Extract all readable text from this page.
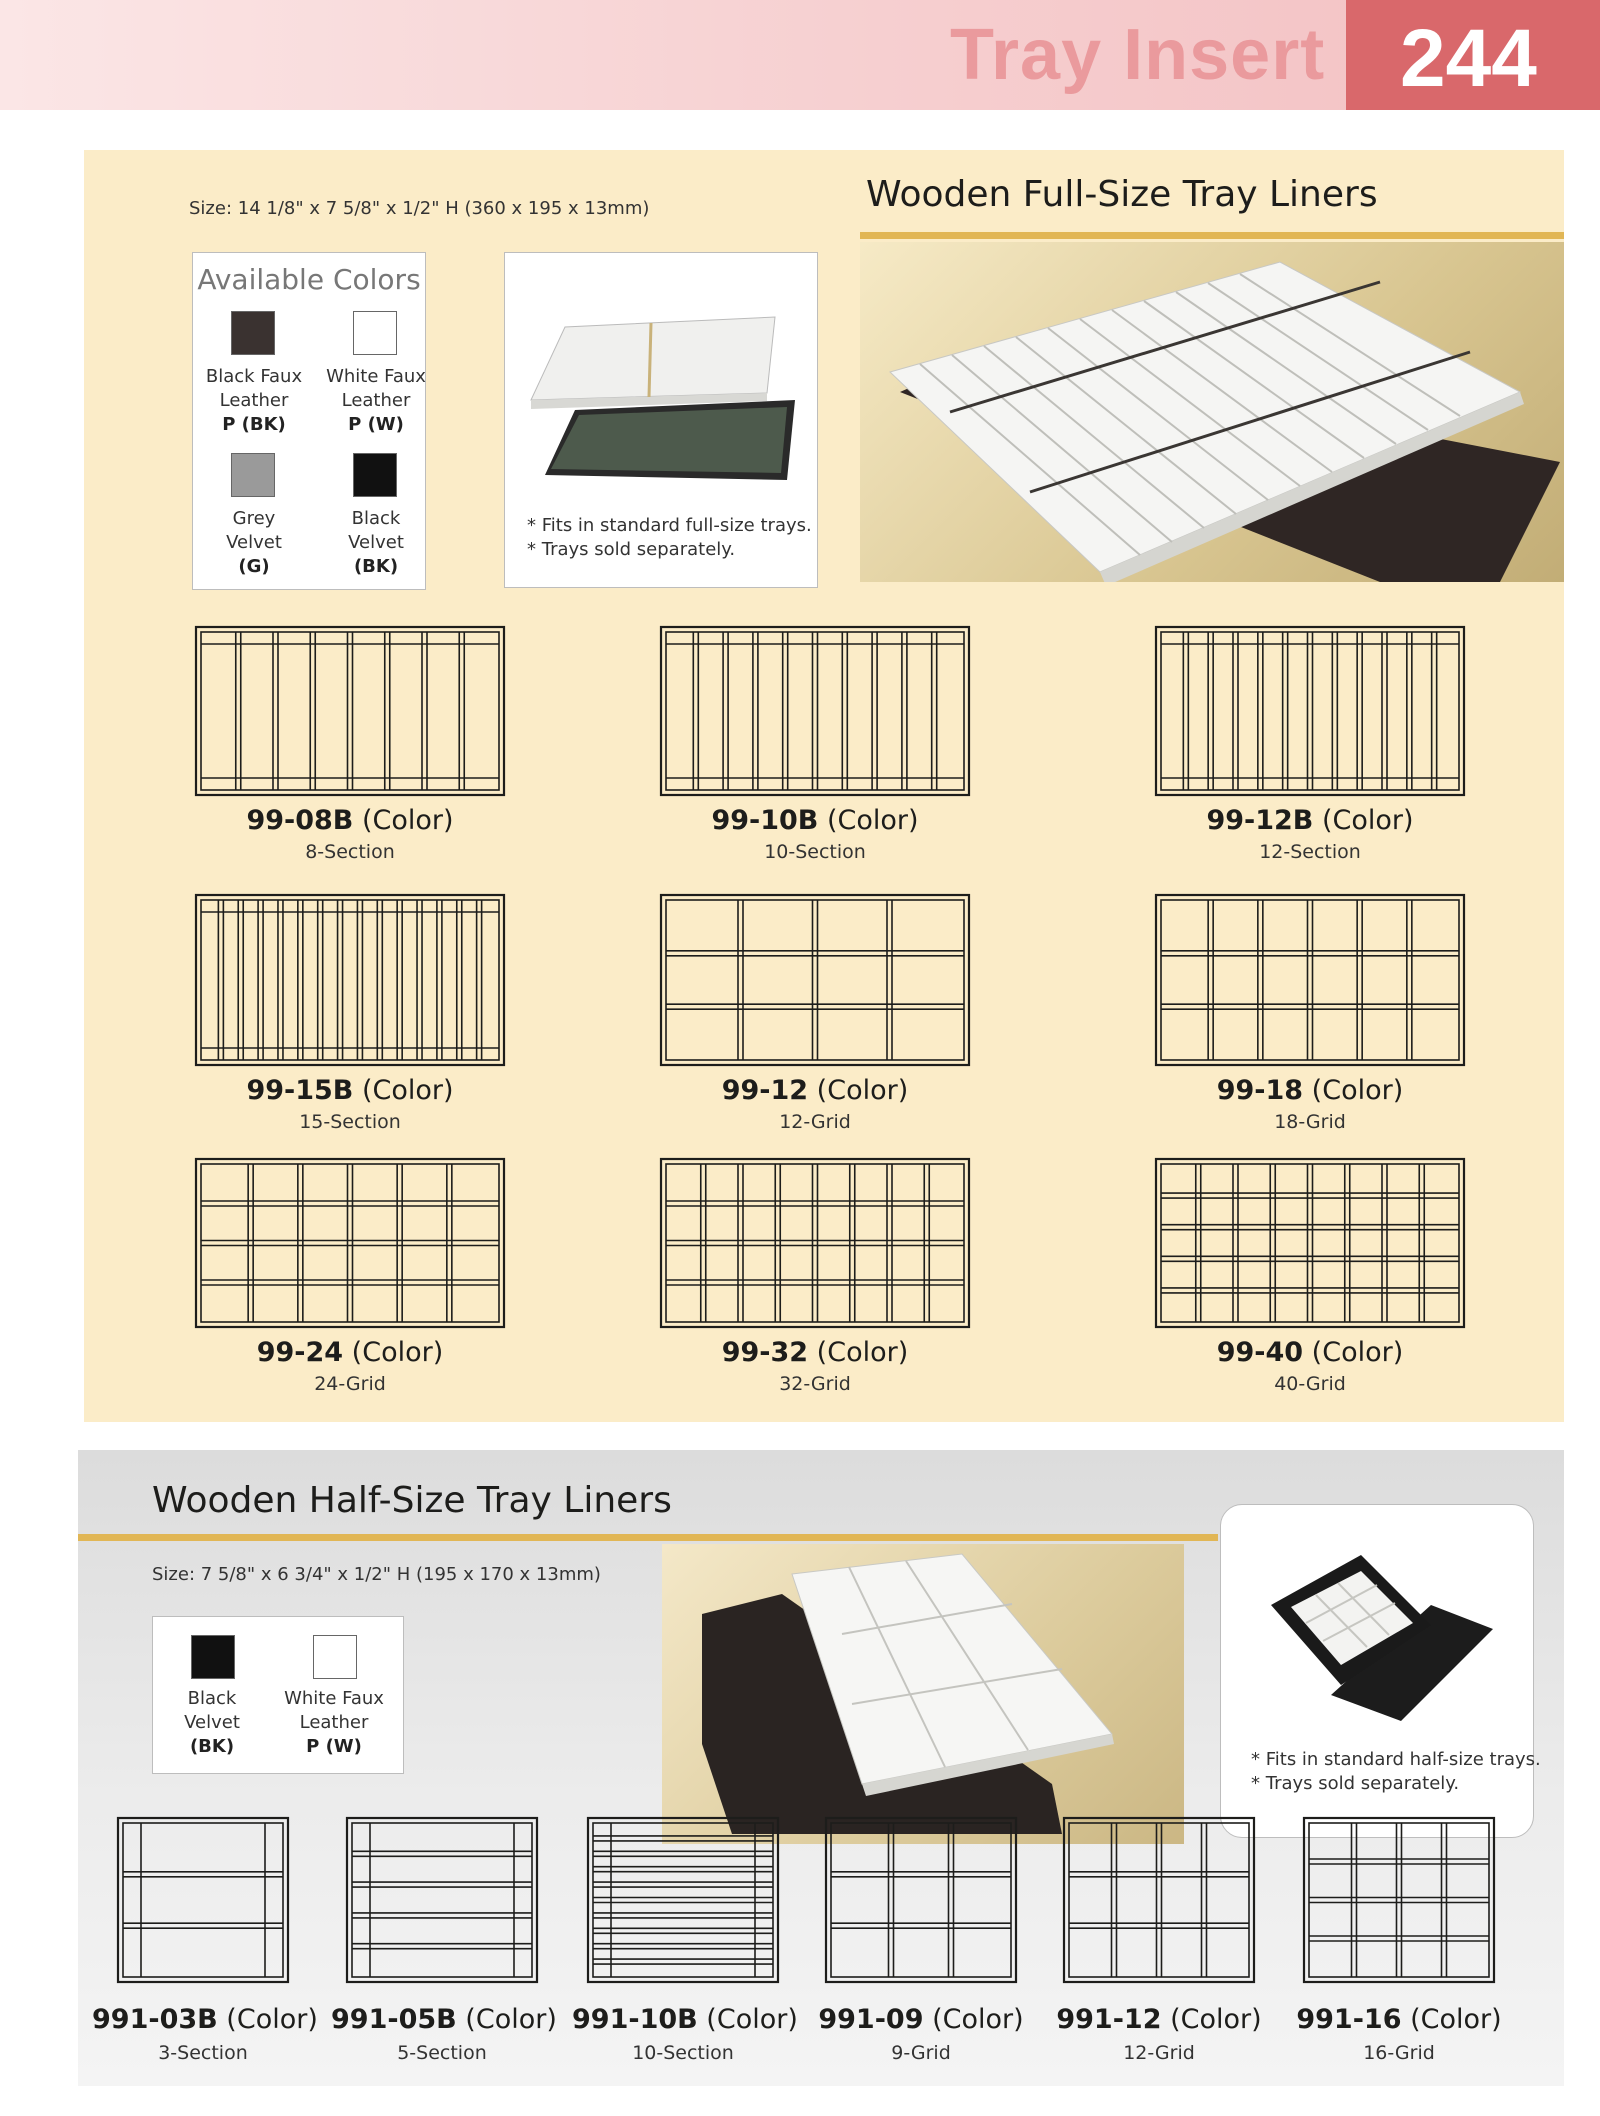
Tray Insert 244
Size: 14 1/8" x 7 5/8" x 1/2" H (360 x 195 x 13mm)	Wooden Full-Size Tray Liners
Available Colors
Black Faux
Leather
P (BK)
White Faux
Leather
P (W)
Grey
Velvet
(G)
Black
Velvet
(BK)
* Fits in standard full-size trays.
* Trays sold separately.
99-08B (Color)
8-Section
99-10B (Color)
10-Section
99-12B (Color)
12-Section
99-15B (Color)
15-Section
99-12 (Color)
12-Grid
99-18 (Color)
18-Grid
99-24 (Color)
24-Grid
99-32 (Color)
32-Grid
99-40 (Color)
40-Grid
Wooden Half-Size Tray Liners
Size: 7 5/8" x 6 3/4" x 1/2" H (195 x 170 x 13mm)
Black
Velvet
(BK)
White Faux
Leather
P (W)
* Fits in standard half-size trays.
* Trays sold separately.
991-03B (Color)
3-Section
991-05B (Color)
5-Section
991-10B (Color)
10-Section
991-09 (Color)
9-Grid
991-12 (Color)
12-Grid
991-16 (Color)
16-Grid
